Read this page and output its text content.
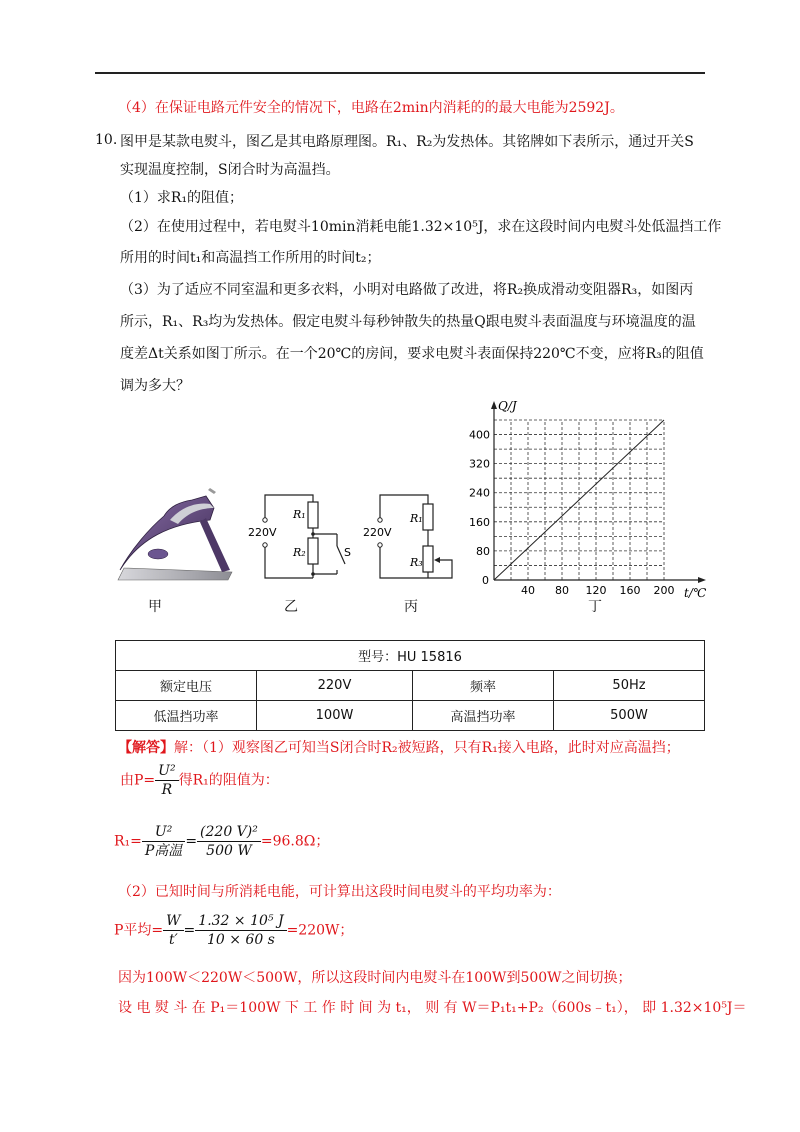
（4）在保证电路元件安全的情况下，电路在2min内消耗的的最大电能为2592J。
10. 图甲是某款电熨斗，图乙是其电路原理图。R₁、R₂为发热体。其铭牌如下表所示，通过开关S
实现温度控制，S闭合时为高温挡。
（1）求R₁的阻值；
（2）在使用过程中，若电熨斗10min消耗电能1.32×10⁵J，求在这段时间内电熨斗处低温挡工作
所用的时间t₁和高温挡工作所用的时间t₂；
（3）为了适应不同室温和更多衣料，小明对电路做了改进，将R₂换成滑动变阻器R₃，如图丙
所示，R₁、R₃均为发热体。假定电熨斗每秒钟散失的热量Q跟电熨斗表面温度与环境温度的温
度差Δt关系如图丁所示。在一个20℃的房间，要求电熨斗表面保持220℃不变，应将R₃的阻值
调为多大？
甲
220V
R₁
R₂	S
乙
220V
R₁
R₃
丙
40 80 120 160 200
80
160
240
320
400
Q/J
t/℃
0
丁
型号：HU 15816			
额定电压	220V	频率	50Hz
低温挡功率	100W	高温挡功率	500W
【解答】解：（1）观察图乙可知当S闭合时R₂被短路，只有R₁接入电路，此时对应高温挡；
由$P= \frac{\text{U²}}{R}$ 得R₁的阻值为：
$R_1= \frac{\text{U²}}{\text{P高温}} = \frac{\text{(220 V)²}}{500 W} =96.8\Omega$；
（2）已知时间与所消耗电能，可计算出这段时间电熨斗的平均功率为：
P平均= $\frac{W}{t'} = \frac{\text{1.32 × 10⁵ J}}{10 \times 60 s} =220W$；
因为100W＜220W＜500W，所以这段时间内电熨斗在100W到500W之间切换；
设 电 熨 斗 在 P₁＝100W 下 工 作 时 间 为 t₁， 则 有 W＝P₁t₁+P₂（600s﹣t₁）， 即 1.32×10⁵J＝
